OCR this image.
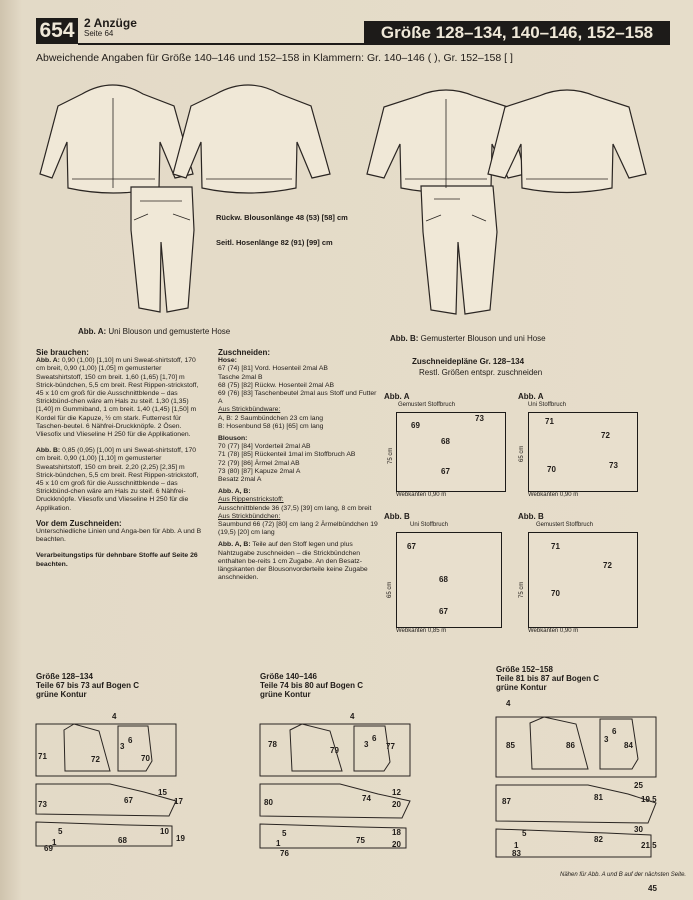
654 2 Anzüge
Seite 64	Größe 128–134, 140–146, 152–158
Abweichende Angaben für Größe 140–146 und 152–158 in Klammern: Gr. 140–146 ( ), Gr. 152–158 [ ]
Rückw. Blousonlänge 48 (53) [58] cm
Seitl. Hosenlänge 82 (91) [99] cm
Abb. A: Uni Blouson und gemusterte Hose
Abb. B: Gemusterter Blouson und uni Hose
Sie brauchen:

Abb. A: 0,90 (1,00) [1,10] m uni Sweat-shirtstoff, 170 cm breit, 0,90 (1,00) [1,05] m gemusterter Sweatshirtstoff, 150 cm breit. 1,60 (1,65) [1,70] m Strick-bündchen, 5,5 cm breit. Rest Rippen-strickstoff, 45 x 10 cm groß für die Ausschnittblende – das Strickbünd-chen wäre am Hals zu steif. 1,30 (1,35) [1,40] m Gummiband, 1 cm breit. 1,40 (1,45) [1,50] m Kordel für die Kapuze, ½ cm stark. Futterrest für Taschen-beutel. 6 Nähfrei-Druckknöpfe. 2 Ösen. Vliesofix und Vlieseline H 250 für die Applikationen.

Abb. B: 0,85 (0,95) [1,00] m uni Sweat-shirtstoff, 170 cm breit. 0,90 (1,00) [1,10] m gemusterter Sweatshirtstoff, 150 cm breit. 2,20 (2,25) [2,35] m Strick-bündchen, 5,5 cm breit. Rest Rippen-strickstoff, 45 x 10 cm groß für die Ausschnittblende – das Strickbünd-chen wäre am Hals zu steif. 6 Nähfrei-Druckknöpfe. Vliesofix und Vlieseline H 250 für die Applikation.

Vor dem Zuschneiden:

Unterschiedliche Linien und Anga-ben für Abb. A und B beachten.

Verarbeitungstips für dehnbare Stoffe auf Seite 26 beachten.

Zuschneiden:

Hose:

67 (74) [81] Vord. Hosenteil 2mal AB

Tasche 2mal B

68 (75) [82] Rückw. Hosenteil 2mal AB

69 (76) [83] Taschenbeutel 2mal aus Stoff und Futter A

Aus Strickbündware:

A, B: 2 Saumbündchen 23 cm lang

B: Hosenbund 58 (61) [65] cm lang

Blouson:

70 (77) [84] Vorderteil 2mal AB

71 (78) [85] Rückenteil 1mal im Stoffbruch AB

72 (79) [86] Ärmel 2mal AB

73 (80) [87] Kapuze 2mal A

Besatz 2mal A

Abb. A, B:

Aus Rippenstrickstoff:

Ausschnittblende 36 (37,5) [39] cm lang, 8 cm breit

Aus Strickbündchen:

Saumbund 66 (72) [80] cm lang 2 Ärmelbündchen 19 (19,5) [20] cm lang

Abb. A, B: Teile auf den Stoff legen und plus Nahtzugabe zuschneiden – die Strickbündchen enthalten be-reits 1 cm Zugabe. An den Besatz-längskanten der Blousonvorderteile keine Zugabe anschneiden.

Zuschneidepläne Gr. 128–134
Restl. Größen entspr. zuschneiden
Abb. A
Gemustert Stoffbruch
69
73
68
67
75 cm
Webkanten 0,90 m
Abb. A
Uni Stoffbruch
71
72
70	73
65 cm
Webkanten 0,90 m
Abb. B
Uni Stoffbruch
67
68
67
65 cm
Webkanten 0,85 m
Abb. B
Gemustert Stoffbruch
71
72
70
75 cm
Webkanten 0,90 m
Größe 128–134
Teile 67 bis 73 auf Bogen C
grüne Kontur
4
71	72	70
6
3
73	67
15
17
69
68
10
19
5
1
Größe 140–146
Teile 74 bis 80 auf Bogen C
grüne Kontur
4
78
79	77
6
3
80	74
12
20
76
75
18
20
5
1
Größe 152–158
Teile 81 bis 87 auf Bogen C
grüne Kontur
4
85	86	84
6
3
87	81
25
19.5
83
82
30
21.5
5
1
Nähen für Abb. A und B auf der nächsten Seite.
45
